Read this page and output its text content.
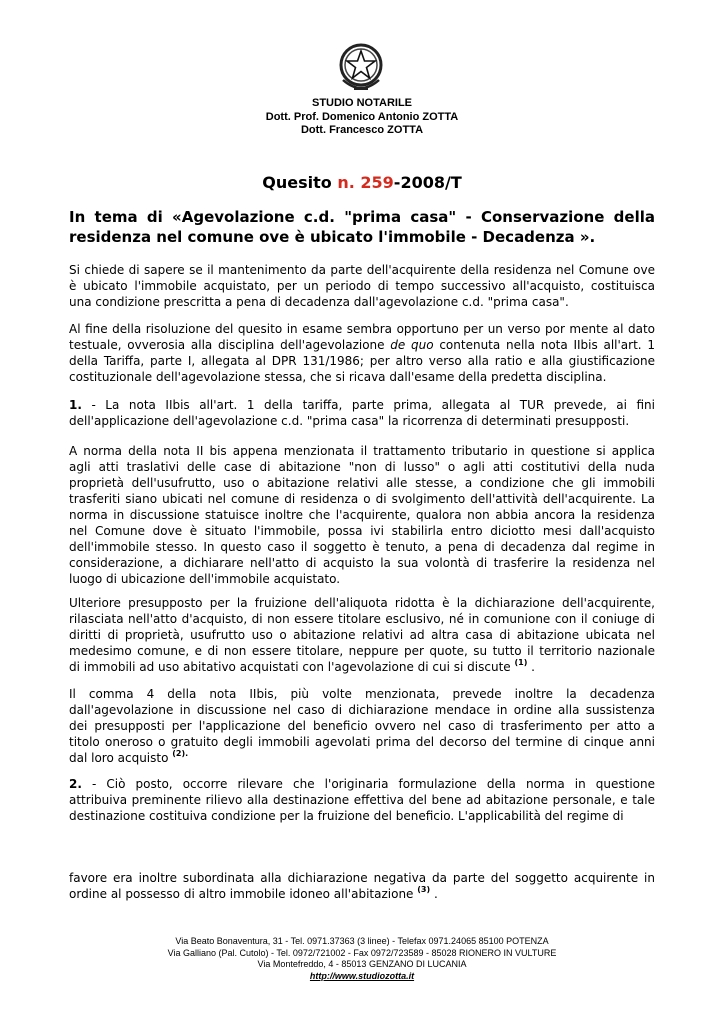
STUDIO NOTARILE
Dott. Prof. Domenico Antonio ZOTTA
Dott. Francesco ZOTTA
Quesito n. 259-2008/T
In tema di «Agevolazione c.d. "prima casa" - Conservazione della
residenza nel comune ove è ubicato l'immobile - Decadenza ».
Si chiede di sapere se il mantenimento da parte dell'acquirente della residenza nel Comune ove
è ubicato l'immobile acquistato, per un periodo di tempo successivo all'acquisto, costituisca
una condizione prescritta a pena di decadenza dall'agevolazione c.d. "prima casa".
Al fine della risoluzione del quesito in esame sembra opportuno per un verso por mente al dato
testuale, ovverosia alla disciplina dell'agevolazione de quo contenuta nella nota IIbis all'art. 1
della Tariffa, parte I, allegata al DPR 131/1986; per altro verso alla ratio e alla giustificazione
costituzionale dell'agevolazione stessa, che si ricava dall'esame della predetta disciplina.
1. - La nota IIbis all'art. 1 della tariffa, parte prima, allegata al TUR prevede, ai fini
dell'applicazione dell'agevolazione c.d. "prima casa" la ricorrenza di determinati presupposti.
A norma della nota II bis appena menzionata il trattamento tributario in questione si applica
agli atti traslativi delle case di abitazione "non di lusso" o agli atti costitutivi della nuda
proprietà dell'usufrutto, uso o abitazione relativi alle stesse, a condizione che gli immobili
trasferiti siano ubicati nel comune di residenza o di svolgimento dell'attività dell'acquirente. La
norma in discussione statuisce inoltre che l'acquirente, qualora non abbia ancora la residenza
nel Comune dove è situato l'immobile, possa ivi stabilirla entro diciotto mesi dall'acquisto
dell'immobile stesso. In questo caso il soggetto è tenuto, a pena di decadenza dal regime in
considerazione, a dichiarare nell'atto di acquisto la sua volontà di trasferire la residenza nel
luogo di ubicazione dell'immobile acquistato.
Ulteriore presupposto per la fruizione dell'aliquota ridotta è la dichiarazione dell'acquirente,
rilasciata nell'atto d'acquisto, di non essere titolare esclusivo, né in comunione con il coniuge di
diritti di proprietà, usufrutto uso o abitazione relativi ad altra casa di abitazione ubicata nel
medesimo comune, e di non essere titolare, neppure per quote, su tutto il territorio nazionale
di immobili ad uso abitativo acquistati con l'agevolazione di cui si discute $^{(1)}$ .
Il comma 4 della nota IIbis, più volte menzionata, prevede inoltre la decadenza
dall'agevolazione in discussione nel caso di dichiarazione mendace in ordine alla sussistenza
dei presupposti per l'applicazione del beneficio ovvero nel caso di trasferimento per atto a
titolo oneroso o gratuito degli immobili agevolati prima del decorso del termine di cinque anni
dal loro acquisto $^{(2).}$
2. - Ciò posto, occorre rilevare che l'originaria formulazione della norma in questione
attribuiva preminente rilievo alla destinazione effettiva del bene ad abitazione personale, e tale
destinazione costituiva condizione per la fruizione del beneficio. L'applicabilità del regime di
favore era inoltre subordinata alla dichiarazione negativa da parte del soggetto acquirente in
ordine al possesso di altro immobile idoneo all'abitazione $^{(3)}$ .
Via Beato Bonaventura, 31 - Tel. 0971.37363 (3 linee) - Telefax 0971.24065 85100 POTENZA
Via Galliano (Pal. Cutolo) - Tel. 0972/721002 - Fax 0972/723589 - 85028 RIONERO IN VULTURE
Via Montefreddo, 4 - 85013 GENZANO DI LUCANIA
http://www.studiozotta.it
